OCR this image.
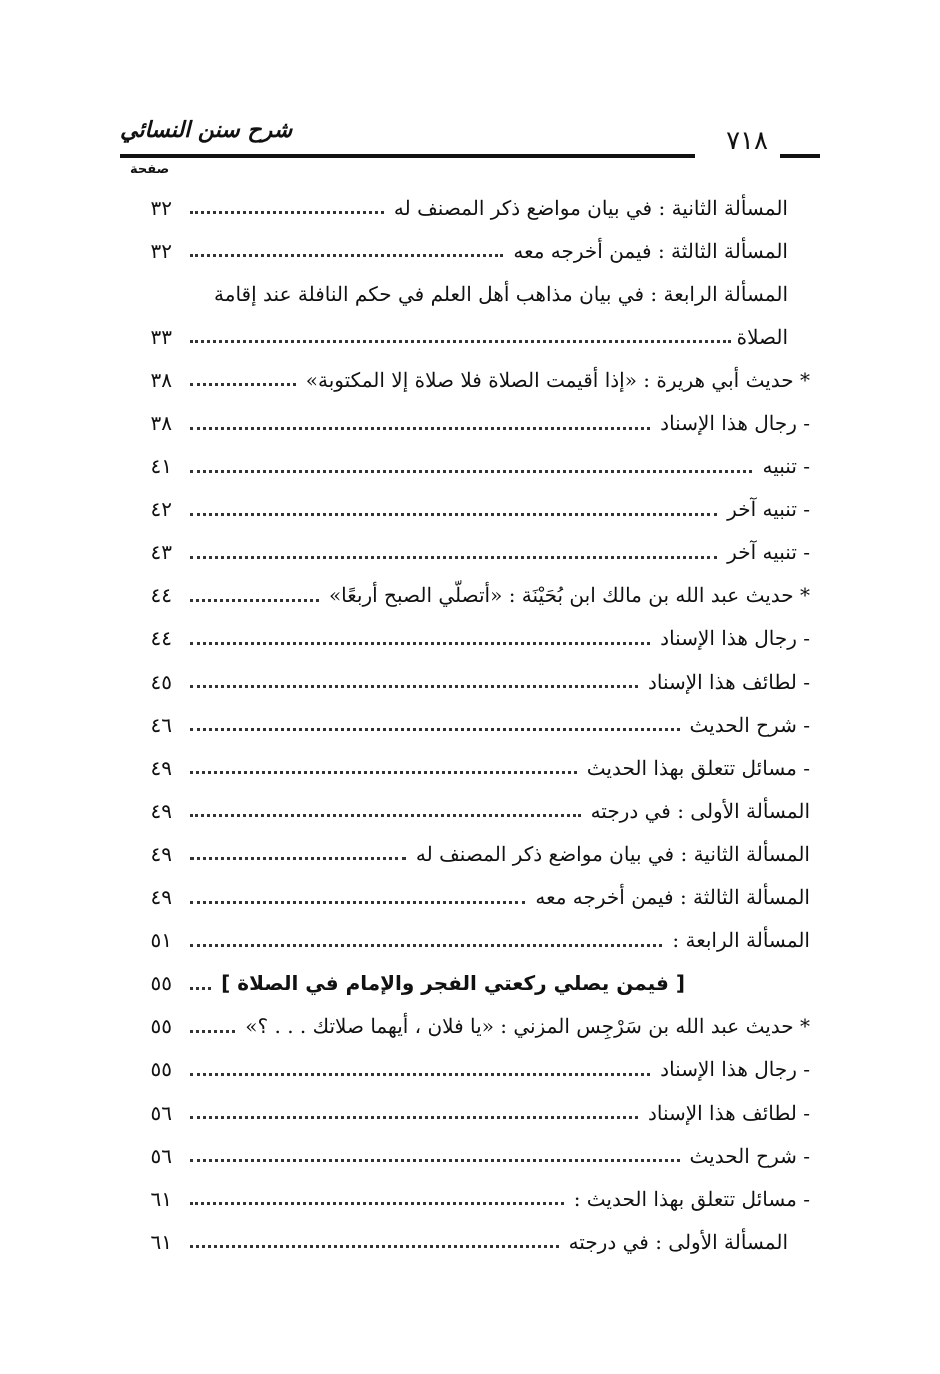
شرح سنن النسائي	٧١٨
صفحة
المسألة الثانية : في بيان مواضع ذكر المصنف له
٣٢
المسألة الثالثة : فيمن أخرجه معه
٣٢
المسألة الرابعة : في بيان مذاهب أهل العلم في حكم النافلة عند إقامة
الصلاة
٣٣
* حديث أبي هريرة : «إذا أقيمت الصلاة فلا صلاة إلا المكتوبة»
٣٨
- رجال هذا الإسناد
٣٨
- تنبيه
٤١
- تنبيه آخر
٤٢
- تنبيه آخر
٤٣
* حديث عبد الله بن مالك ابن بُحَيْنَة : «أتصلّي الصبح أربعًا»
٤٤
- رجال هذا الإسناد
٤٤
- لطائف هذا الإسناد
٤٥
- شرح الحديث
٤٦
- مسائل تتعلق بهذا الحديث
٤٩
المسألة الأولى : في درجته
٤٩
المسألة الثانية : في بيان مواضع ذكر المصنف له
٤٩
المسألة الثالثة : فيمن أخرجه معه
٤٩
المسألة الرابعة :
٥١
[ فيمن يصلي ركعتي الفجر والإمام في الصلاة ]
٥٥
* حديث عبد الله بن سَرْجِس المزني : «يا فلان ، أيهما صلاتك . . . ؟»
٥٥
- رجال هذا الإسناد
٥٥
- لطائف هذا الإسناد
٥٦
- شرح الحديث
٥٦
- مسائل تتعلق بهذا الحديث :
٦١
المسألة الأولى : في درجته
٦١
